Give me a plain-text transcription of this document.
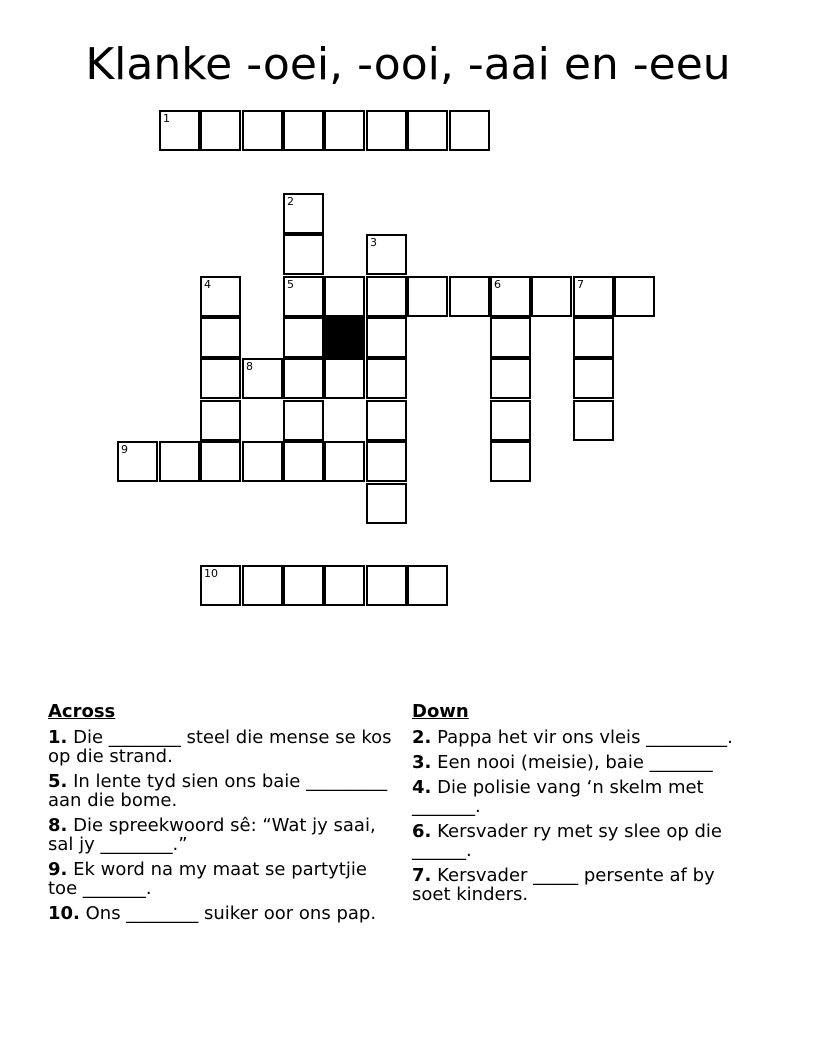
Klanke -oei, -ooi, -aai en -eeu
1
2
3
4	5	6	7
8
9
10
Across
1. Die ________ steel die mense se kos op die strand.
5. In lente tyd sien ons baie _________ aan die bome.
8. Die spreekwoord sê: “Wat jy saai, sal jy ________.”
9. Ek word na my maat se partytjie toe _______.
10. Ons ________ suiker oor ons pap.
Down
2. Pappa het vir ons vleis _________.
3. Een nooi (meisie), baie _______
4. Die polisie vang ‘n skelm met _______.
6. Kersvader ry met sy slee op die ______.
7. Kersvader _____ persente af by soet kinders.
